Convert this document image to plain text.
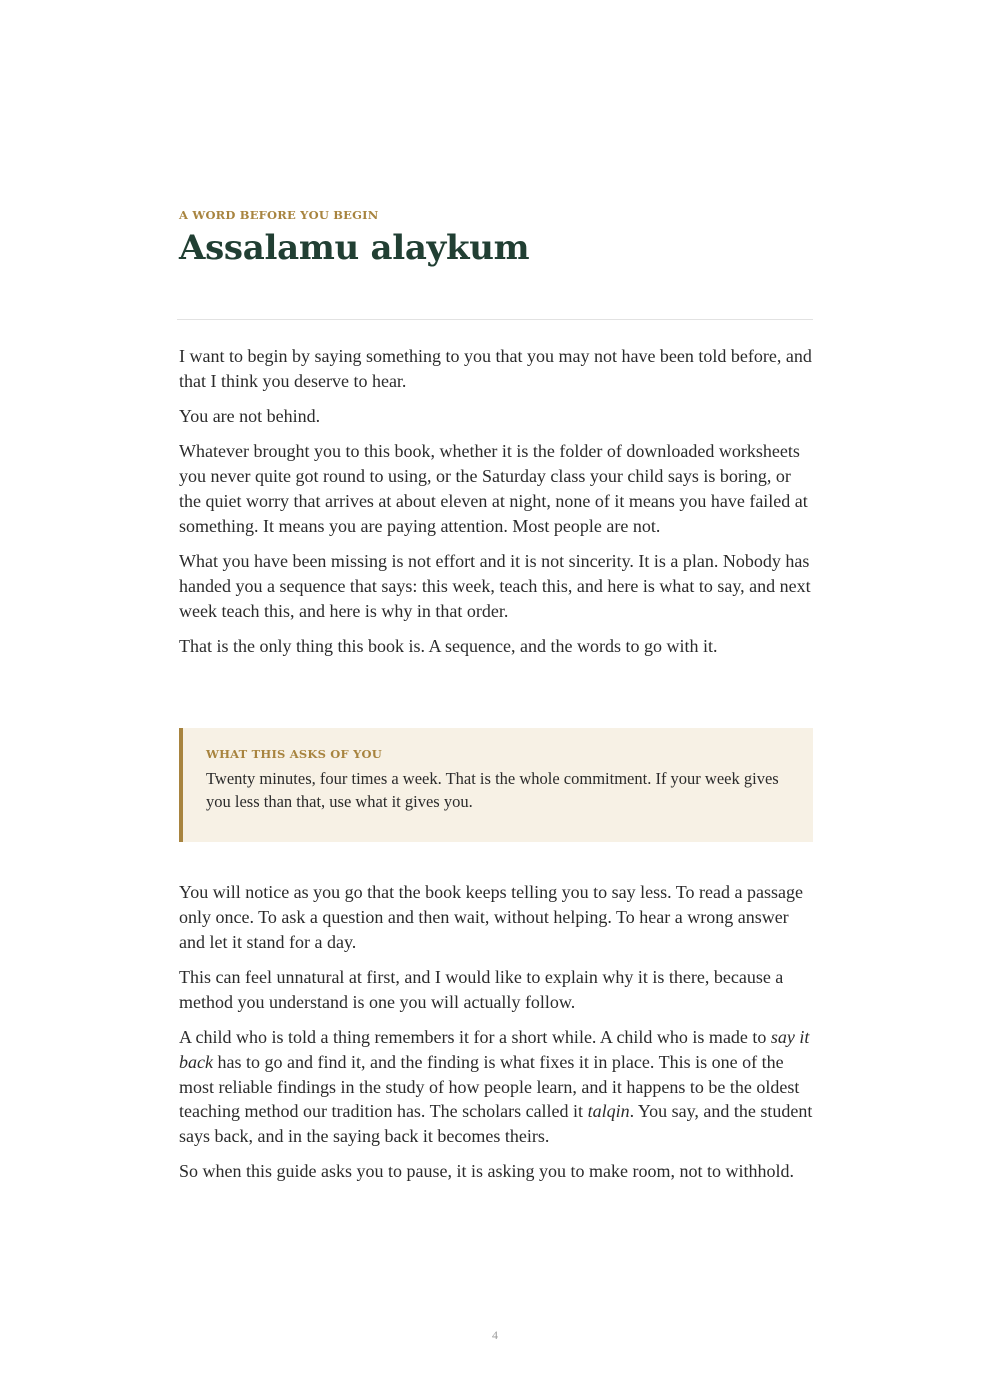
A WORD BEFORE YOU BEGIN
Assalamu alaykum

I want to begin by saying something to you that you may not have been told before, and that I think you deserve to hear.

You are not behind.

Whatever brought you to this book, whether it is the folder of downloaded worksheets you never quite got round to using, or the Saturday class your child says is boring, or the quiet worry that arrives at about eleven at night, none of it means you have failed at something. It means you are paying attention. Most people are not.

What you have been missing is not effort and it is not sincerity. It is a plan. Nobody has handed you a sequence that says: this week, teach this, and here is what to say, and next week teach this, and here is why in that order.

That is the only thing this book is. A sequence, and the words to go with it.

WHAT THIS ASKS OF YOU
Twenty minutes, four times a week. That is the whole commitment. If your week gives you less than that, use what it gives you.

You will notice as you go that the book keeps telling you to say less. To read a passage only once. To ask a question and then wait, without helping. To hear a wrong answer and let it stand for a day.

This can feel unnatural at first, and I would like to explain why it is there, because a method you understand is one you will actually follow.

A child who is told a thing remembers it for a short while. A child who is made to say it back has to go and find it, and the finding is what fixes it in place. This is one of the most reliable findings in the study of how people learn, and it happens to be the oldest teaching method our tradition has. The scholars called it talqin. You say, and the student says back, and in the saying back it becomes theirs.

So when this guide asks you to pause, it is asking you to make room, not to withhold.

4
